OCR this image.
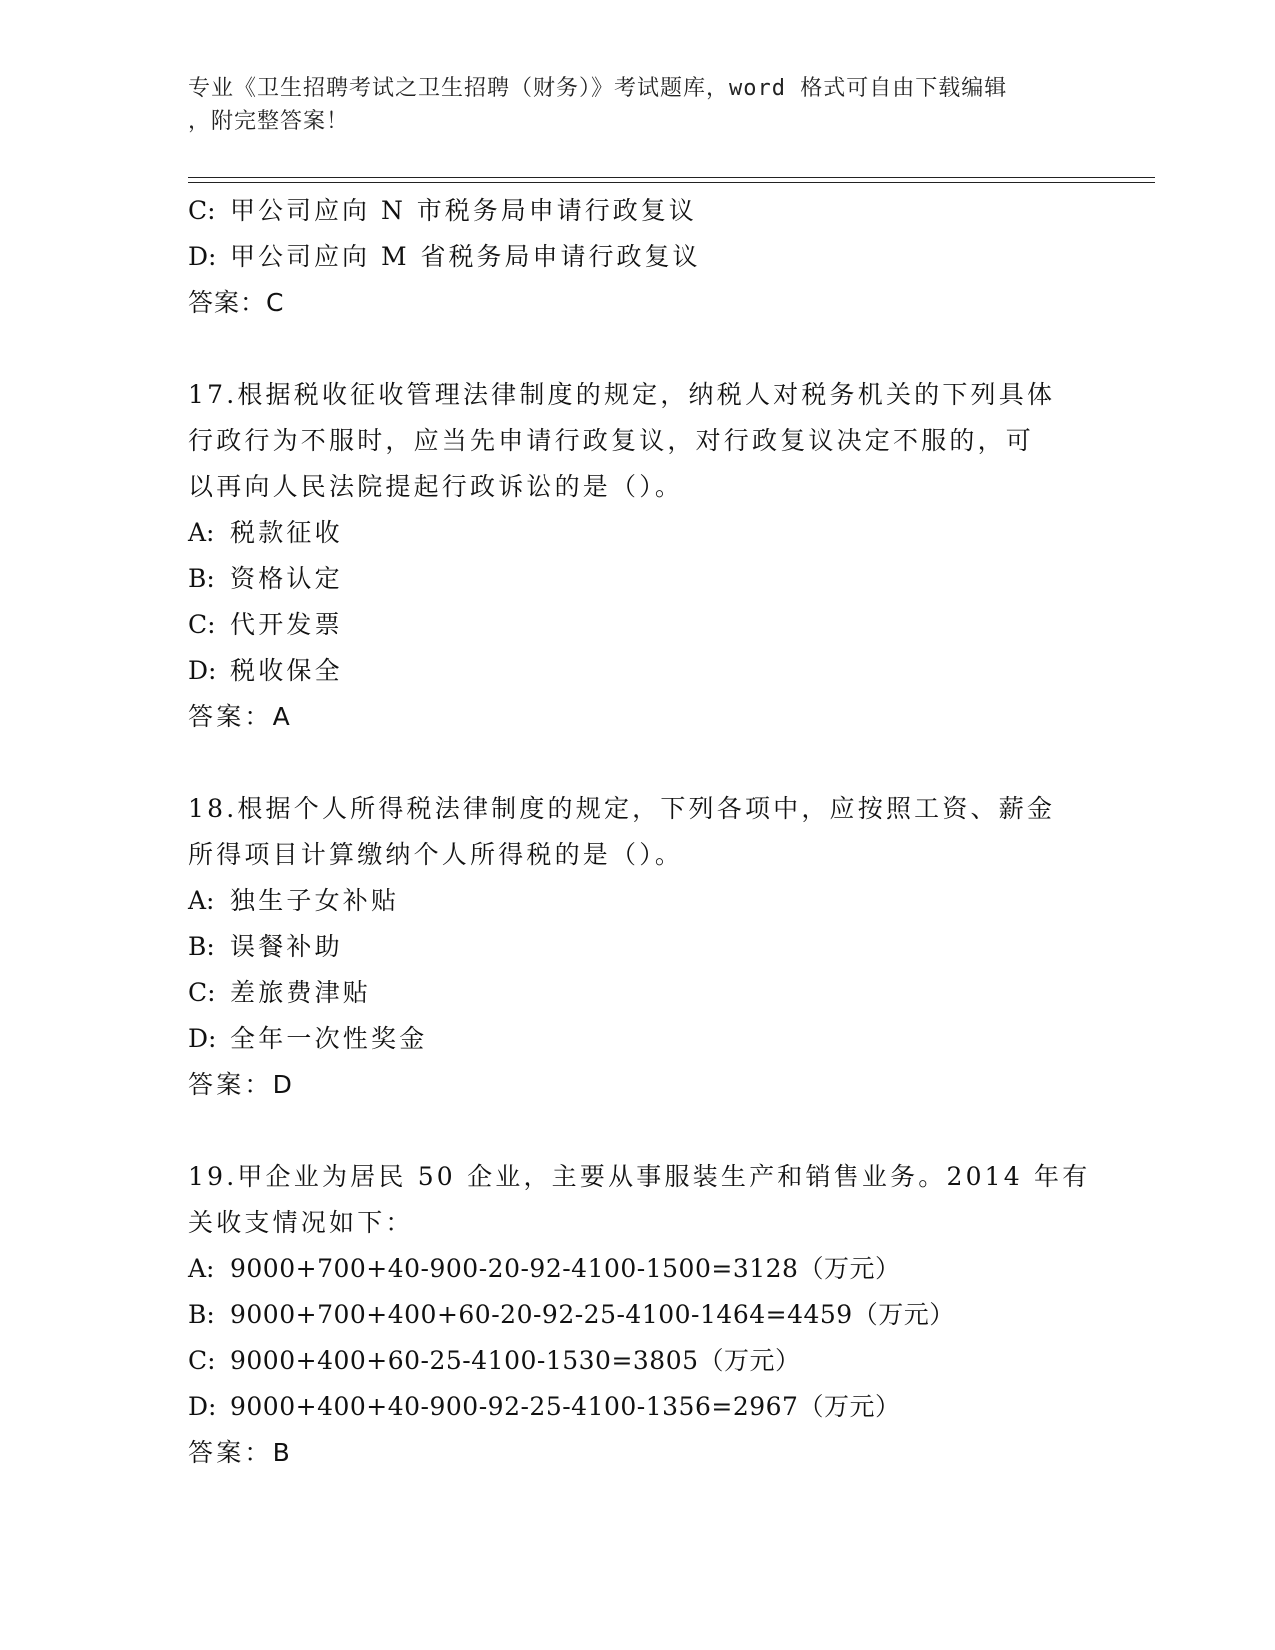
专业《卫生招聘考试之卫生招聘（财务）》考试题库，word 格式可自由下载编辑
，附完整答案！
C: 甲公司应向 N 市税务局申请行政复议
D: 甲公司应向 M 省税务局申请行政复议
答案：C
17.根据税收征收管理法律制度的规定，纳税人对税务机关的下列具体
行政行为不服时，应当先申请行政复议，对行政复议决定不服的，可
以再向人民法院提起行政诉讼的是（）。
A: 税款征收
B: 资格认定
C: 代开发票
D: 税收保全
答案：A
18.根据个人所得税法律制度的规定，下列各项中，应按照工资、薪金
所得项目计算缴纳个人所得税的是（）。
A: 独生子女补贴
B: 误餐补助
C: 差旅费津贴
D: 全年一次性奖金
答案：D
19.甲企业为居民 50 企业，主要从事服装生产和销售业务。2014 年有
关收支情况如下：
A: 9000+700+40-900-20-92-4100-1500=3128（万元）
B: 9000+700+400+60-20-92-25-4100-1464=4459（万元）
C: 9000+400+60-25-4100-1530=3805（万元）
D: 9000+400+40-900-92-25-4100-1356=2967（万元）
答案：B
